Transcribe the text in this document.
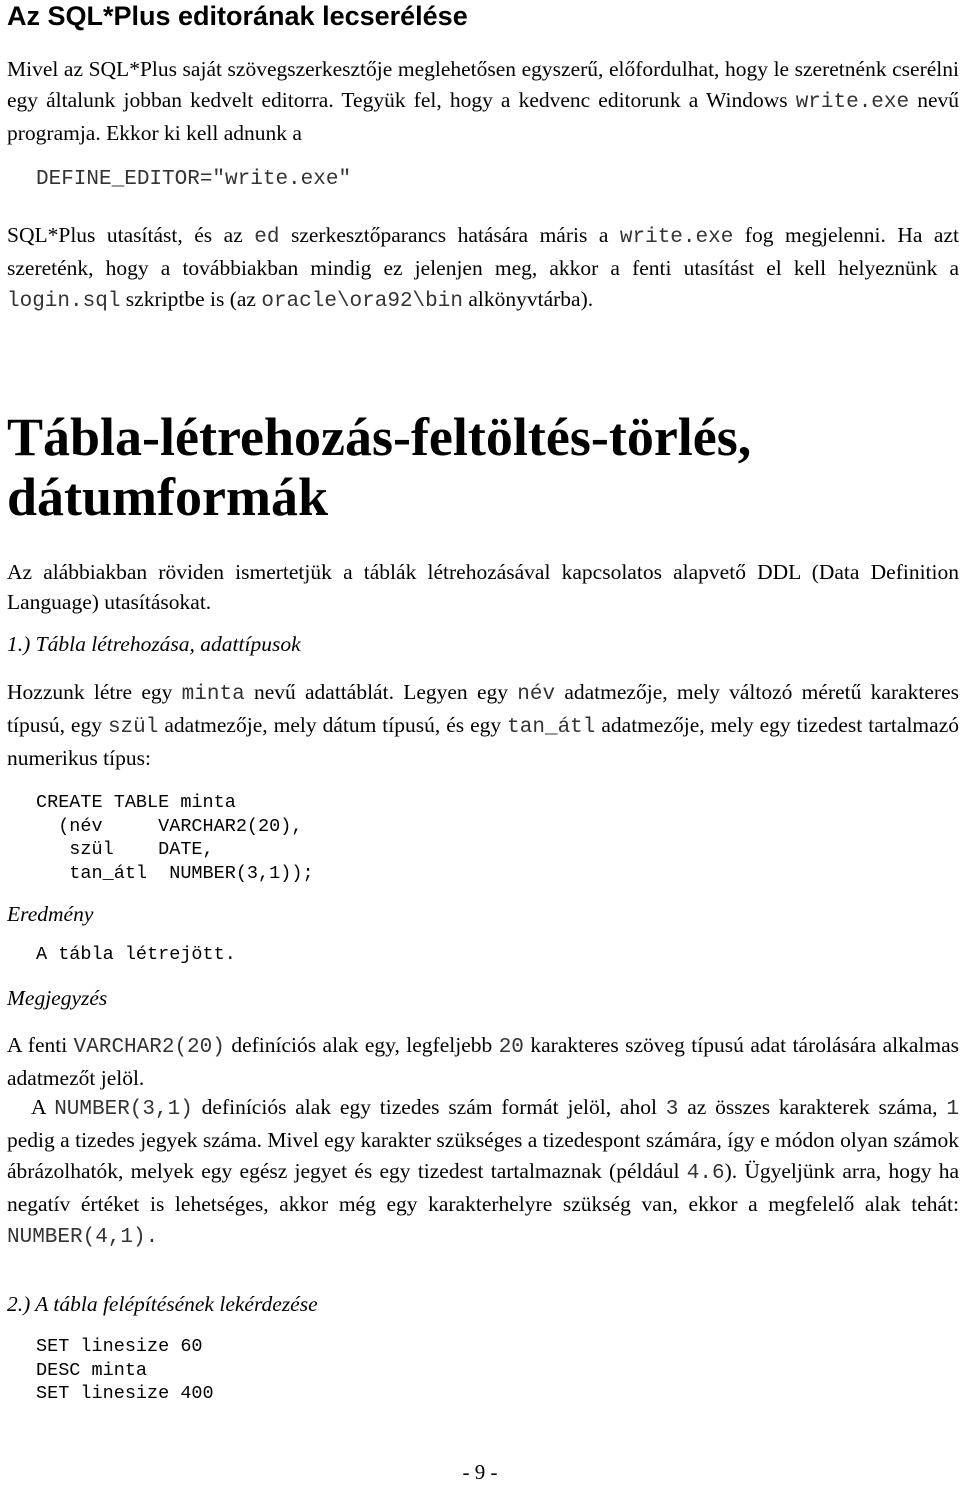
Az SQL*Plus editorának lecserélése

Mivel az SQL*Plus saját szövegszerkesztője meglehetősen egyszerű, előfordulhat, hogy le szeretnénk cserélni egy általunk jobban kedvelt editorra. Tegyük fel, hogy a kedvenc editorunk a Windows write.exe nevű programja. Ekkor ki kell adnunk a

DEFINE_EDITOR="write.exe"

SQL*Plus utasítást, és az ed szerkesztőparancs hatására máris a write.exe fog megjelenni. Ha azt szereténk, hogy a továbbiakban mindig ez jelenjen meg, akkor a fenti utasítást el kell helyeznünk a login.sql szkriptbe is (az oracle\ora92\bin alkönyvtárba).

Tábla-létrehozás-feltöltés-törlés,
dátumformák

Az alábbiakban röviden ismertetjük a táblák létrehozásával kapcsolatos alapvető DDL (Data Definition Language) utasításokat.

1.) Tábla létrehozása, adattípusok

Hozzunk létre egy minta nevű adattáblát. Legyen egy név adatmezője, mely változó méretű karakteres típusú, egy szül adatmezője, mely dátum típusú, és egy tan_átl adatmezője, mely egy tizedest tartalmazó numerikus típus:

CREATE TABLE minta
(név     VARCHAR2(20),
szül    DATE,
tan_átl  NUMBER(3,1));
Eredmény
A tábla létrejött.
Megjegyzés

A fenti VARCHAR2(20) definíciós alak egy, legfeljebb 20 karakteres szöveg típusú adat tárolására alkalmas adatmezőt jelöl.

A NUMBER(3,1) definíciós alak egy tizedes szám formát jelöl, ahol 3 az összes karakterek száma, 1 pedig a tizedes jegyek száma. Mivel egy karakter szükséges a tizedespont számára, így e módon olyan számok ábrázolhatók, melyek egy egész jegyet és egy tizedest tartalmaznak (például 4.6). Ügyeljünk arra, hogy ha negatív értéket is lehetséges, akkor még egy karakterhelyre szükség van, ekkor a megfelelő alak tehát: NUMBER(4,1).

2.) A tábla felépítésének lekérdezése
SET linesize 60
DESC minta
SET linesize 400
- 9 -
